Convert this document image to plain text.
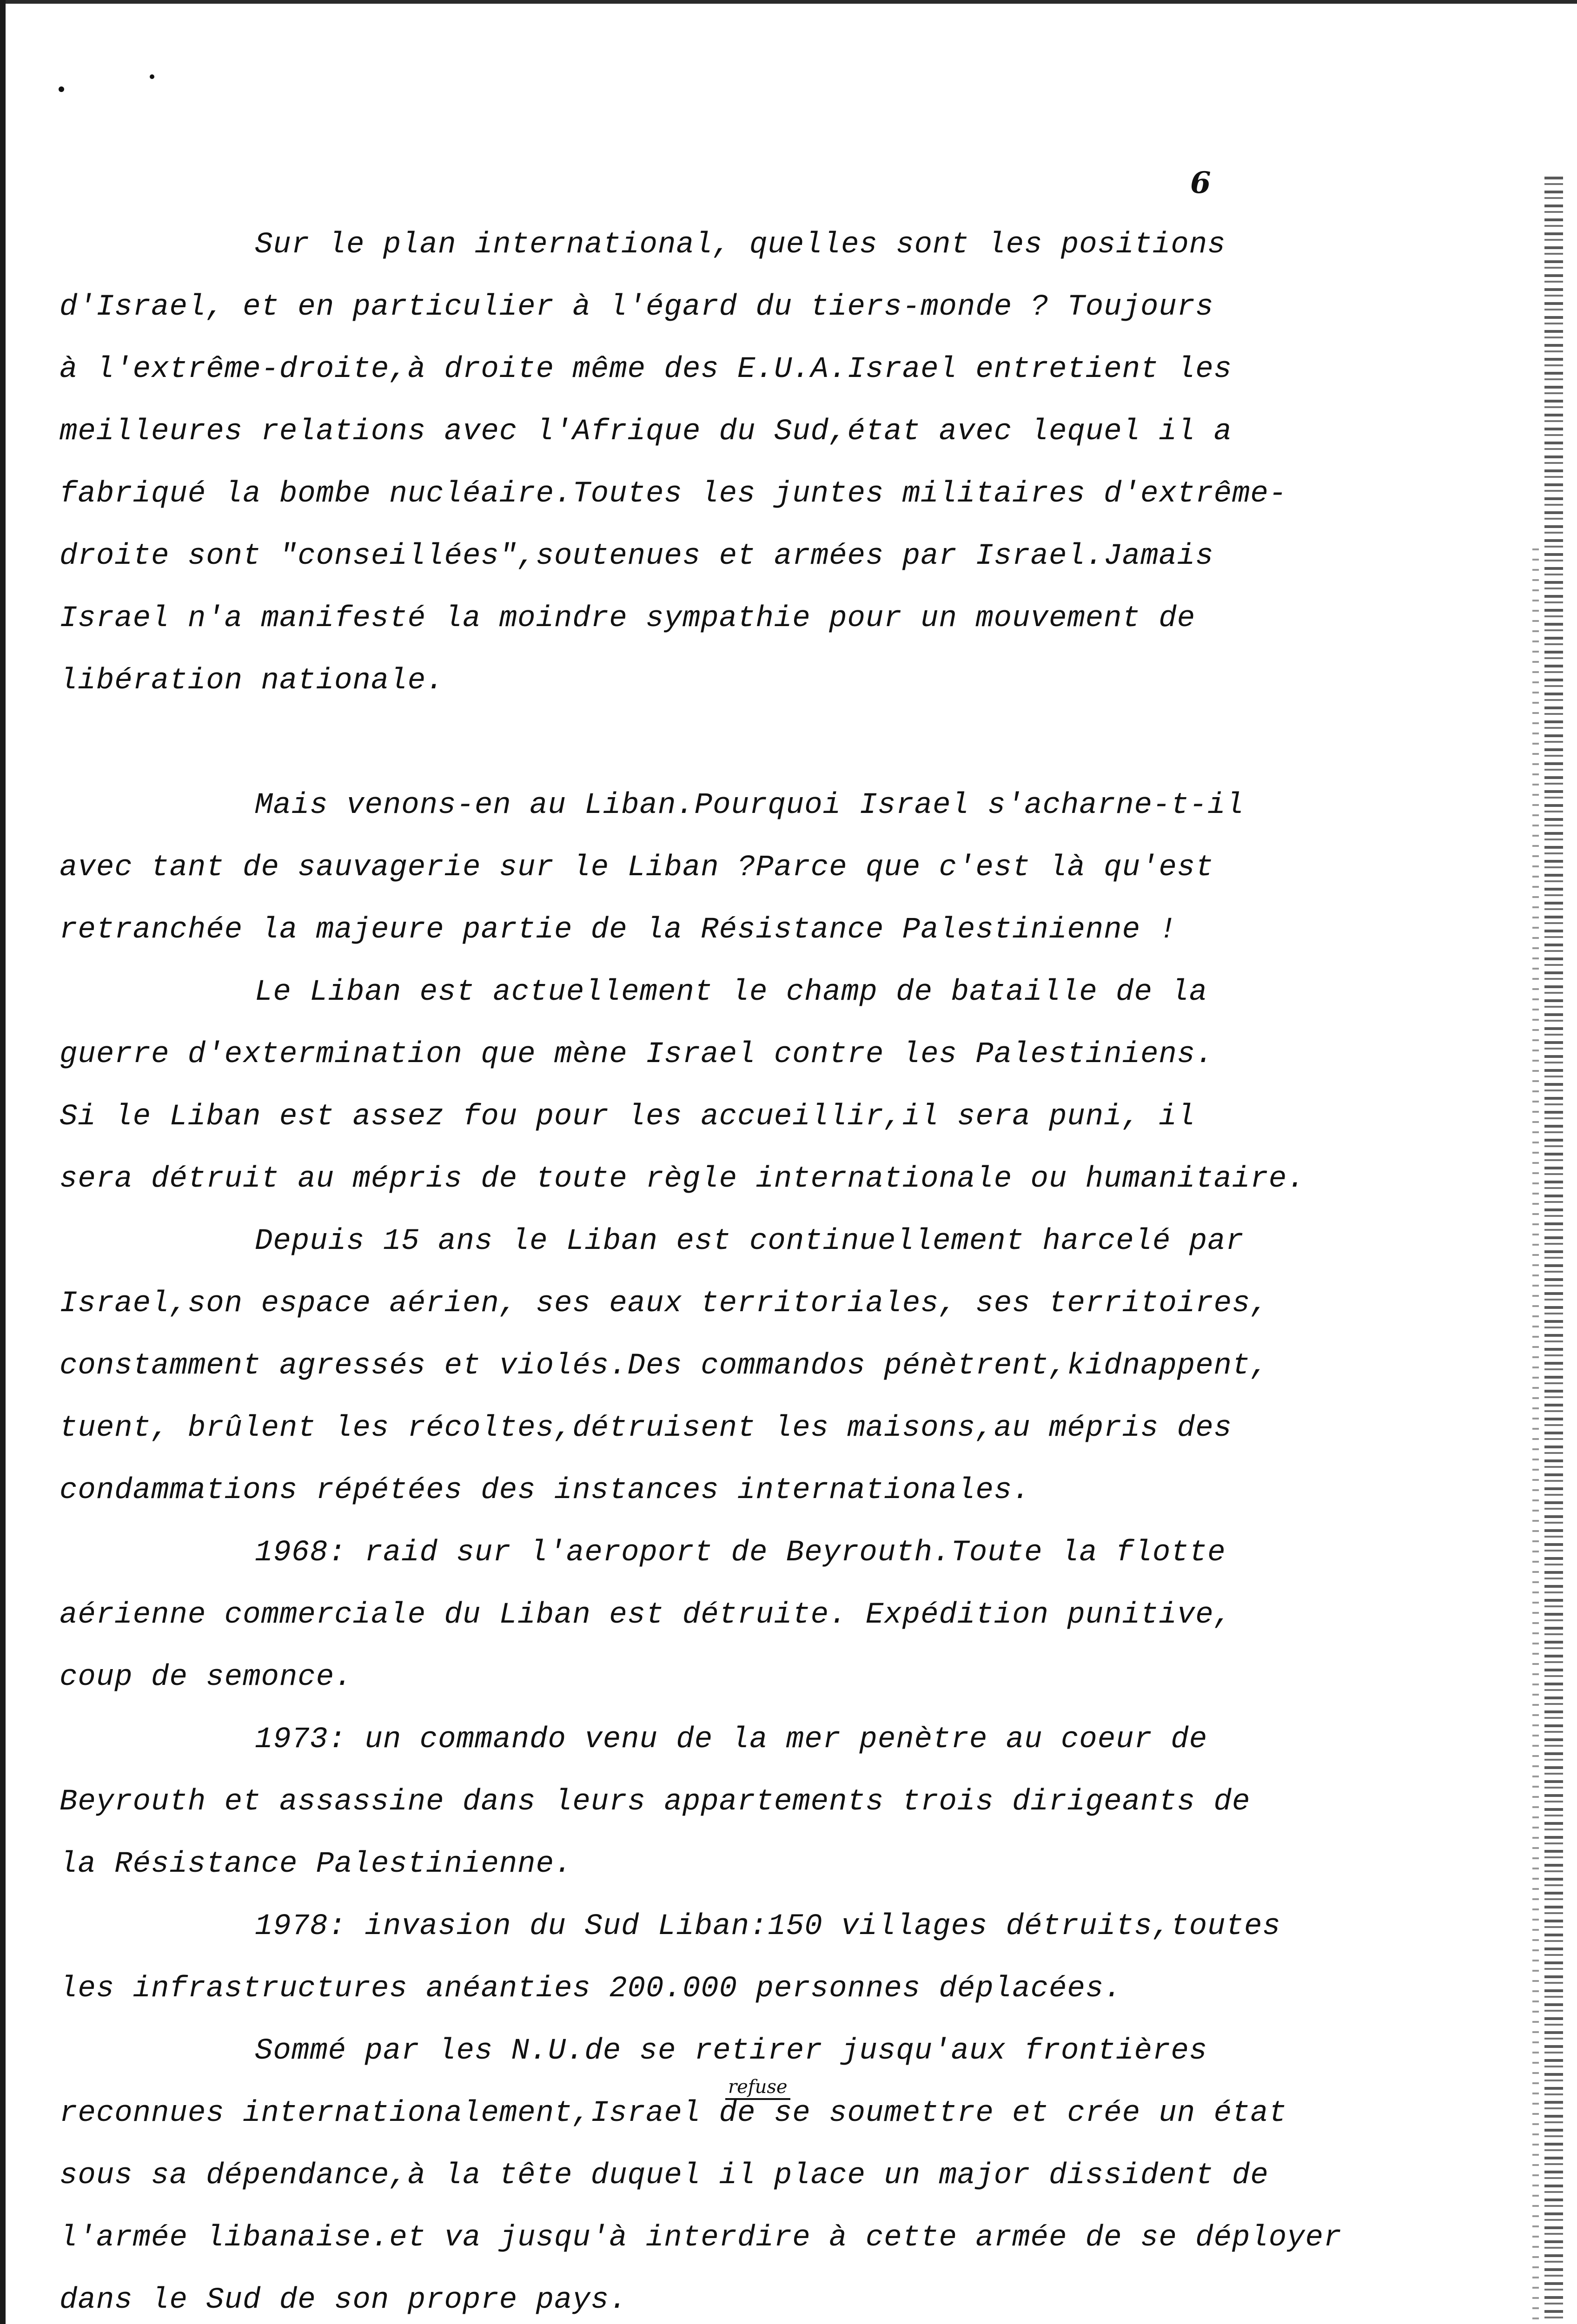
6
Sur le plan international, quelles sont les positions
d'Israel, et en particulier à l'égard du tiers-monde ? Toujours
à l'extrême-droite,à droite même des E.U.A.Israel entretient les
meilleures relations avec l'Afrique du Sud,état avec lequel il a
fabriqué la bombe nucléaire.Toutes les juntes militaires d'extrême-
droite sont "conseillées",soutenues et armées par Israel.Jamais
Israel n'a manifesté la moindre sympathie pour un mouvement de
libération nationale.
Mais venons-en au Liban.Pourquoi Israel s'acharne-t-il
avec tant de sauvagerie sur le Liban ?Parce que c'est là qu'est
retranchée la majeure partie de la Résistance Palestinienne !
Le Liban est actuellement le champ de bataille de la
guerre d'extermination que mène Israel contre les Palestiniens.
Si le Liban est assez fou pour les accueillir,il sera puni, il
sera détruit au mépris de toute règle internationale ou humanitaire.
Depuis 15 ans le Liban est continuellement harcelé par
Israel,son espace aérien, ses eaux territoriales, ses territoires,
constamment agressés et violés.Des commandos pénètrent,kidnappent,
tuent, brûlent les récoltes,détruisent les maisons,au mépris des
condammations répétées des instances internationales.
1968: raid sur l'aeroport de Beyrouth.Toute la flotte
aérienne commerciale du Liban est détruite. Expédition punitive,
coup de semonce.
1973: un commando venu de la mer penètre au coeur de
Beyrouth et assassine dans leurs appartements trois dirigeants de
la Résistance Palestinienne.
1978: invasion du Sud Liban:150 villages détruits,toutes
les infrastructures anéanties 200.000 personnes déplacées.
Sommé par les N.U.de se retirer jusqu'aux frontières
reconnues internationalement,Israel de se soumettre et crée un état
sous sa dépendance,à la tête duquel il place un major dissident de
l'armée libanaise.et va jusqu'à interdire à cette armée de se déployer
dans le Sud de son propre pays.
refuse
